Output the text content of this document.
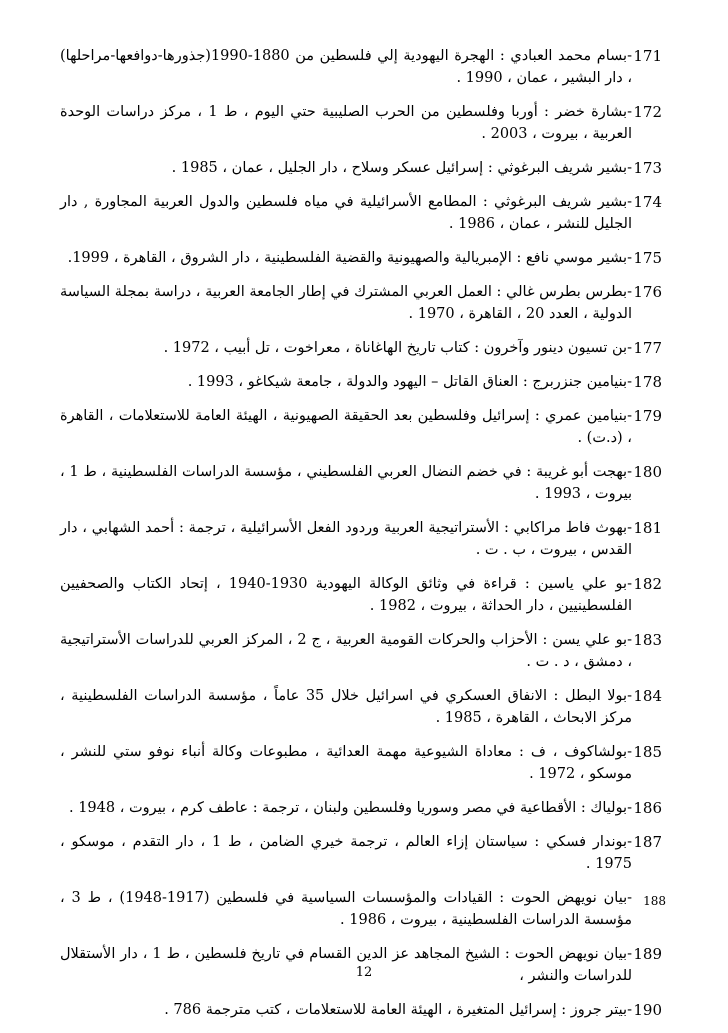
171
-بسام محمد العبادي : الهجرة اليهودية إلي فلسطين من 1880-1990(جذورها-دوافعها-مراحلها) ، دار البشير ، عمان ، 1990 .
172
-بشارة خضر : أوربا وفلسطين من الحرب الصليبية حتي اليوم ، ط 1 ، مركز دراسات الوحدة العربية ، بيروت ، 2003 .
173
-بشير شريف البرغوثي : إسرائيل عسكر وسلاح ، دار الجليل ، عمان ، 1985 .
174
-بشير شريف البرغوثي : المطامع الأسرائيلية في مياه فلسطين والدول العربية المجاورة , دار الجليل للنشر ، عمان ، 1986 .
175
-بشير موسي نافع : الإمبريالية والصهيونية والقضية الفلسطينية ، دار الشروق ، القاهرة ، 1999.
176
-بطرس بطرس غالي : العمل العربي المشترك في إطار الجامعة العربية ، دراسة بمجلة السياسة الدولية ، العدد 20 ، القاهرة ، 1970 .
177
-بن تسيون دينور وآخرون : كتاب تاريخ الهاغاناة ، معراخوت ، تل أبيب ، 1972 .
178
-بنيامين جنزربرج : العناق القاتل – اليهود والدولة ، جامعة شيكاغو ، 1993 .
179
-بنيامين عمري : إسرائيل وفلسطين بعد الحقيقة الصهيونية ، الهيئة العامة للاستعلامات ، القاهرة ، (د.ت) .
180
-بهجت أبو غريبة : في خضم النضال العربي الفلسطيني ، مؤسسة الدراسات الفلسطينية ، ط 1 ، بيروت ، 1993 .
181
-بهوث فاط مراكابي : الأستراتيجية العربية وردود الفعل الأسرائيلية ، ترجمة : أحمد الشهابي ، دار القدس ، بيروت ، ب . ت .
182
-بو علي ياسين : قراءة في وثائق الوكالة اليهودية 1930-1940 ، إتحاد الكتاب والصحفيين الفلسطينيين ، دار الحداثة ، بيروت ، 1982 .
183
-بو علي يسن : الأحزاب والحركات القومية العربية ، ج 2 ، المركز العربي للدراسات الأستراتيجية ، دمشق ، د . ت .
184
-بولا البطل : الانفاق العسكري في اسرائيل خلال 35 عاماً ، مؤسسة الدراسات الفلسطينية ، مركز الابحاث ، القاهرة ، 1985 .
185
-بولشاكوف ، ف : معاداة الشيوعية مهمة العدائية ، مطبوعات وكالة أنباء نوفو ستي للنشر ، موسكو ، 1972 .
186
-بولياك : الأقطاعية في مصر وسوريا وفلسطين ولبنان ، ترجمة : عاطف كرم ، بيروت ، 1948 .
187
-بوندار فسكي : سياستان إزاء العالم ، ترجمة خيري الضامن ، ط 1 ، دار التقدم ، موسكو ، 1975 .
188
-بيان نويهض الحوت : القيادات والمؤسسات السياسية في فلسطين (1917-1948) ، ط 3 ، مؤسسة الدراسات الفلسطينية ، بيروت ، 1986 .
189
-بيان نويهض الحوت : الشيخ المجاهد عز الدين القسام في تاريخ فلسطين ، ط 1 ، دار الأستقلال للدراسات والنشر ،
190
-بيتر جروز : إسرائيل المتغيرة ، الهيئة العامة للاستعلامات ، كتب مترجمة 786 .
12
